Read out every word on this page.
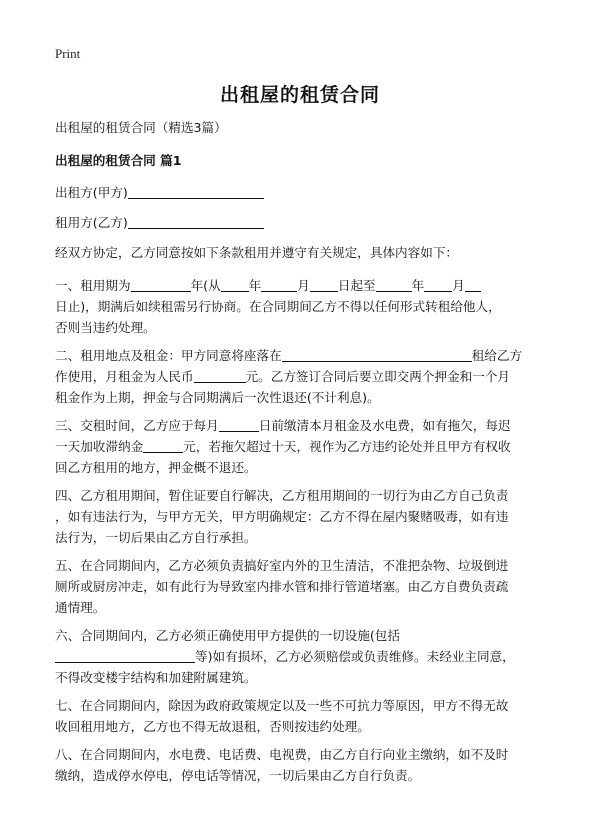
Print
出租屋的租赁合同
出租屋的租赁合同（精选3篇）
出租屋的租赁合同 篇1
出租方(甲方)
租用方(乙方)
经双方协定，乙方同意按如下条款租用并遵守有关规定，具体内容如下：
一、租用期为	年(从 年	月 日起至	年 月
日止)，期满后如续租需另行协商。在合同期间乙方不得以任何形式转租给他人，
否则当违约处理。
二、租用地点及租金：甲方同意将座落在	租给乙方
作使用，月租金为人民币	元。乙方签订合同后要立即交两个押金和一个月
租金作为上期，押金与合同期满后一次性退还(不计利息)。
三、交租时间，乙方应于每月	日前缴清本月租金及水电费，如有拖欠，每迟
一天加收滞纳金	元，若拖欠超过十天，视作为乙方违约论处并且甲方有权收
回乙方租用的地方，押金概不退还。
四、乙方租用期间，暂住证要自行解决，乙方租用期间的一切行为由乙方自己负责
，如有违法行为，与甲方无关，甲方明确规定：乙方不得在屋内聚赌吸毒，如有违
法行为，一切后果由乙方自行承担。
五、在合同期间内，乙方必须负责搞好室内外的卫生清洁，不准把杂物、垃圾倒进
厕所或厨房冲走，如有此行为导致室内排水管和排行管道堵塞。由乙方自费负责疏
通情理。
六、合同期间内，乙方必须正确使用甲方提供的一切设施(包括
等)如有损坏，乙方必须赔偿或负责维修。未经业主同意，
不得改变楼宇结构和加建附属建筑。
七、在合同期间内，除因为政府政策规定以及一些不可抗力等原因，甲方不得无故
收回租用地方，乙方也不得无故退租，否则按违约处理。
八、在合同期间内，水电费、电话费、电视费，由乙方自行向业主缴纳，如不及时
缴纳，造成停水停电，停电话等情况，一切后果由乙方自行负责。
